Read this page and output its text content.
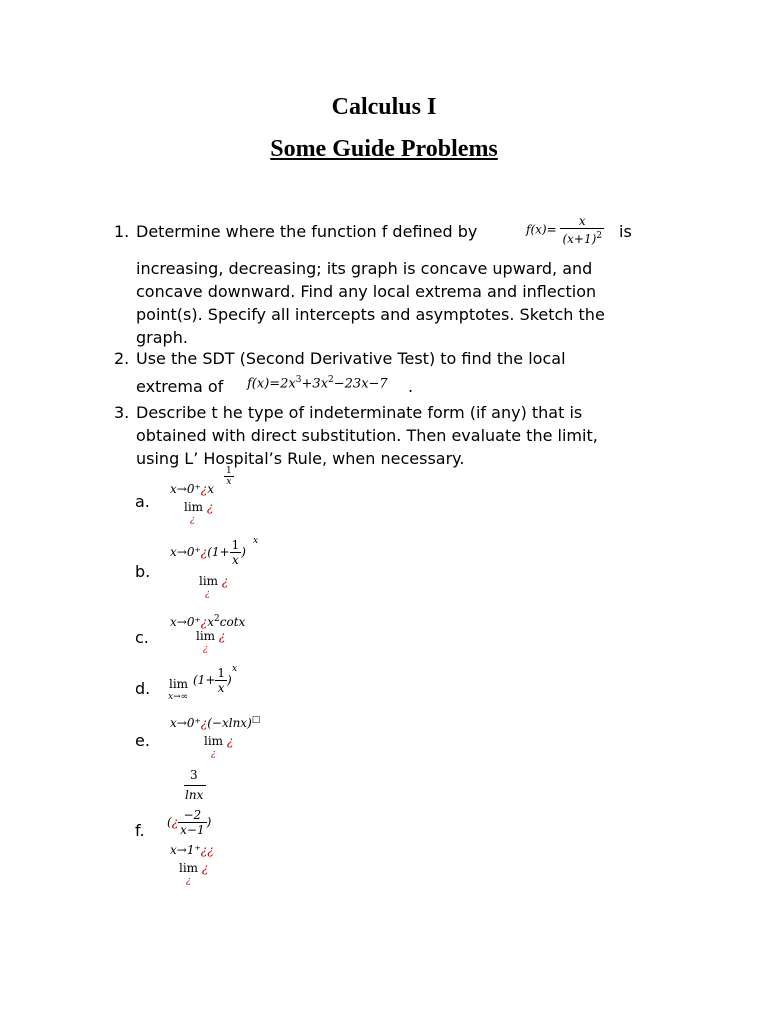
Calculus I
Some Guide Problems
1. Determine where the function f defined by	$f(x)= \frac{x}{(x+1)^2}$ is
increasing, decreasing; its graph is concave upward, and
concave downward. Find any local extrema and inflection
point(s). Specify all intercepts and asymptotes. Sketch the
graph.
2. Use the SDT (Second Derivative Test) to find the local
extrema of $f(x)=2x^3+3x^2-23x-7$ .
3. Describe t he type of indeterminate form (if any) that is
obtained with direct substitution. Then evaluate the limit,
using L’ Hospital’s Rule, when necessary.
a.
x→0⁺¿x
$\frac{1}{x}$
lim ¿
¿
b.
x→0⁺¿(1+ $\frac{1}{x}$ )
x
lim ¿
¿
c.
$x\to 0^+¿x^2\cot x$
lim ¿
¿
d. lim
x→∞
($1+ \frac{1}{x}$ )
x
e.
x→0⁺¿(−xlnx)□
lim ¿
¿
3
lnx
f. (¿ $\frac{-2}{x-1}$ )
x→1⁺¿¿
lim ¿
¿
